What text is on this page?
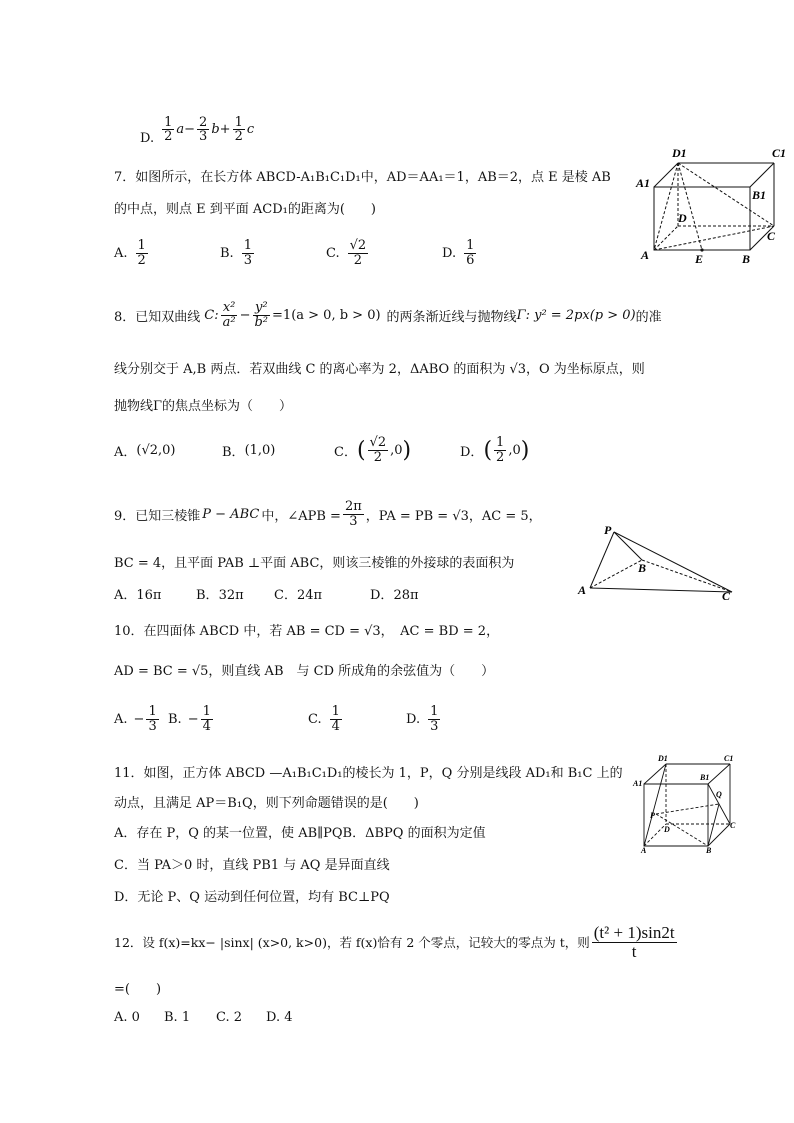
D. $\frac{1}{2}$ $a - \frac{2}{3}$ $b + \frac{1}{2}$ c
7．如图所示，在长方体 ABCD-A₁B₁C₁D₁中，AD＝AA₁＝1，AB＝2，点 E 是棱 AB
的中点，则点 E 到平面 ACD₁的距离为(　　)
A. $\frac{1}{2}$	B. $\frac{1}{3}$	C. $\frac{√2}{2}$	D. $\frac{1}{6}$
D1	C1
A1
B1
D
C
A	E	B
8．已知双曲线 C: $\frac{\text{x²}}{\text{a²}} - \frac{\text{y²}}{\text{b²}} =1(a > 0$, b > 0) 的两条渐近线与抛物线 Γ: y² = 2px(p > 0) 的准
线分别交于 A,B 两点．若双曲线 C 的离心率为 2，ΔABO 的面积为 √3，O 为坐标原点，则
抛物线Γ的焦点坐标为（　　）
A． (√2,0)	B． (1,0)	C． ( $\frac{√2}{2} ,0$ )	D． ( $\frac{1}{2} ,0$ )
9．已知三棱锥 P − ABC 中，∠APB = $\frac{2\pi}{3}$ ，PA = PB = √3，AC = 5，
BC = 4，且平面 PAB ⊥平面 ABC，则该三棱锥的外接球的表面积为
A．16π	B．32π C．24π	D．28π
P
B
A	C
10．在四面体 ABCD 中，若 AB = CD = √3，　AC = BD = 2，
AD = BC = √5，则直线 AB　与 CD 所成角的余弦值为（　　）
A. − $\frac{1}{3} B$. − $\frac{1}{4}$	C. $\frac{1}{4}$	D. $\frac{1}{3}$
11．如图，正方体 ABCD —A₁B₁C₁D₁的棱长为 1，P，Q 分别是线段 AD₁和 B₁C 上的
动点，且满足 AP＝B₁Q，则下列命题错误的是(　　)
A．存在 P，Q 的某一位置，使 AB∥PQB．ΔBPQ 的面积为定值
C．当 PA＞0 时，直线 PB1 与 AQ 是异面直线
D．无论 P、Q 运动到任何位置，均有 BC⊥PQ
D1	C1
A1
B1
Q
P
D	C
A	B
12．设 f(x)=kx− |sinx| (x>0, k>0)，若 f(x)恰有 2 个零点，记较大的零点为 t，则 $\frac{\text{(t² + 1)sin2t}}{t}$
=(　　)
A. 0 B. 1 C. 2 D. 4
